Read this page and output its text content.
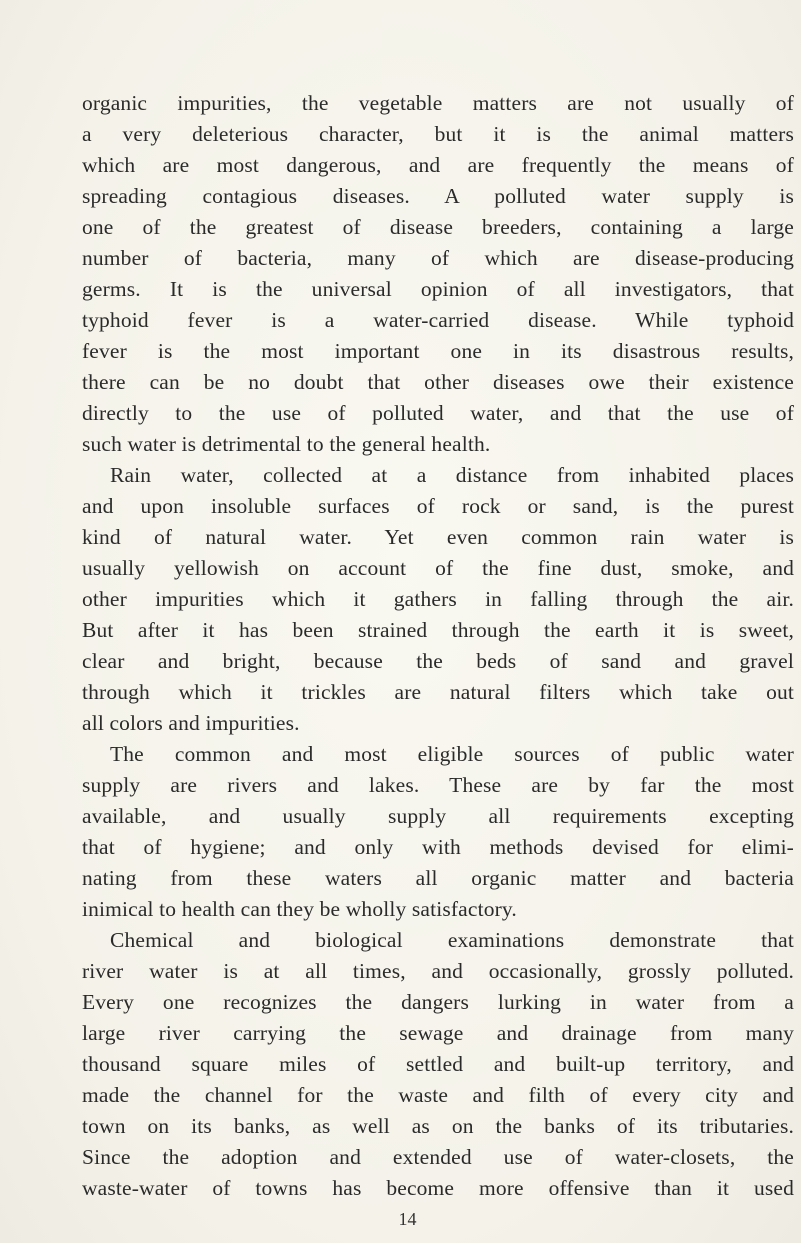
organic impurities, the vegetable matters are not usually of
a very deleterious character, but it is the animal matters
which are most dangerous, and are frequently the means of
spreading contagious diseases. A polluted water supply is
one of the greatest of disease breeders, containing a large
number of bacteria, many of which are disease-producing
germs. It is the universal opinion of all investigators, that
typhoid fever is a water-carried disease. While typhoid
fever is the most important one in its disastrous results,
there can be no doubt that other diseases owe their existence
directly to the use of polluted water, and that the use of
such water is detrimental to the general health.
Rain water, collected at a distance from inhabited places
and upon insoluble surfaces of rock or sand, is the purest
kind of natural water. Yet even common rain water is
usually yellowish on account of the fine dust, smoke, and
other impurities which it gathers in falling through the air.
But after it has been strained through the earth it is sweet,
clear and bright, because the beds of sand and gravel
through which it trickles are natural filters which take out
all colors and impurities.
The common and most eligible sources of public water
supply are rivers and lakes. These are by far the most
available, and usually supply all requirements excepting
that of hygiene; and only with methods devised for elimi-
nating from these waters all organic matter and bacteria
inimical to health can they be wholly satisfactory.
Chemical and biological examinations demonstrate that
river water is at all times, and occasionally, grossly polluted.
Every one recognizes the dangers lurking in water from a
large river carrying the sewage and drainage from many
thousand square miles of settled and built-up territory, and
made the channel for the waste and filth of every city and
town on its banks, as well as on the banks of its tributaries.
Since the adoption and extended use of water-closets, the
waste-water of towns has become more offensive than it used
14
